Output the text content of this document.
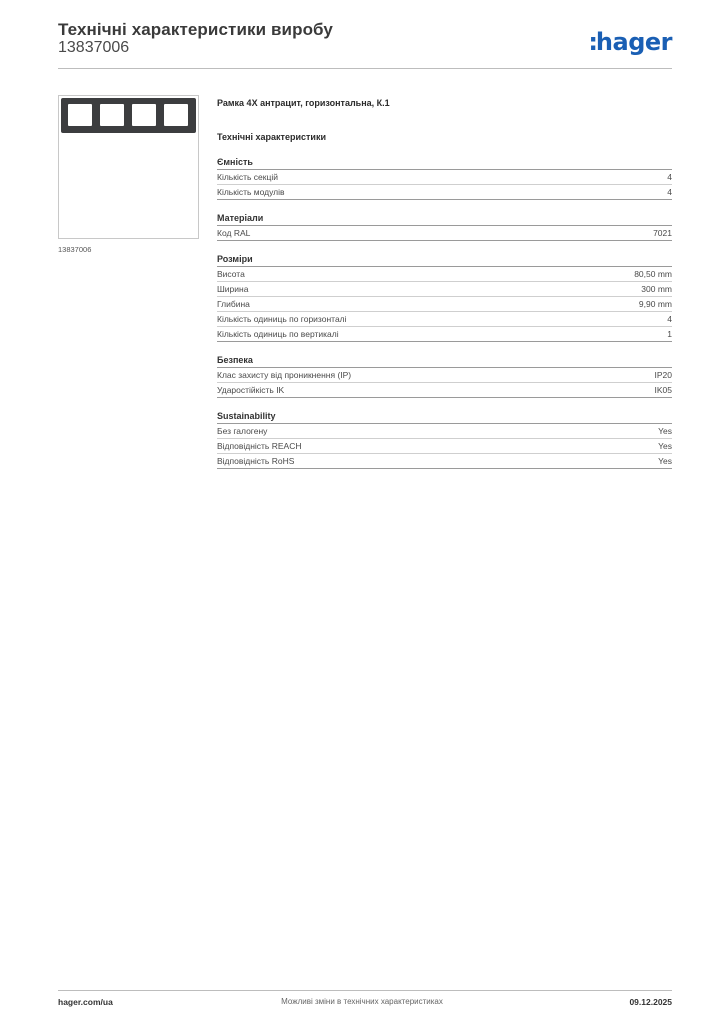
Технічні характеристики виробу
13837006	:hager
13837006
Рамка 4Х антрацит, горизонтальна, К.1
Технічні характеристики
Ємність
Кількість секцій	4
Кількість модулів	4
Матеріали
Код RAL	7021
Розміри
Висота	80,50 mm
Ширина	300 mm
Глибина	9,90 mm
Кількість одиниць по горизонталі	4
Кількість одиниць по вертикалі	1
Безпека
Клас захисту від проникнення (IP)	IP20
Ударостійкість IK	IK05
Sustainability
Без галогену	Yes
Відповідність REACH	Yes
Відповідність RoHS	Yes
hager.com/ua	Можливі зміни в технічних характеристиках	09.12.2025
